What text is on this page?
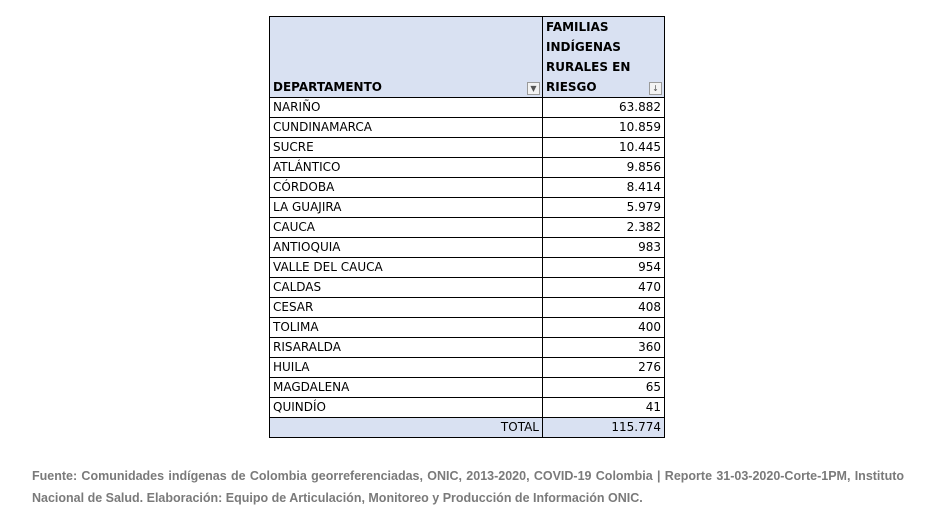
DEPARTAMENTO ▼	FAMILIAS INDÍGENAS RURALES EN RIESGO ↓

NARIÑO	63.882
CUNDINAMARCA	10.859
SUCRE	10.445
ATLÁNTICO	9.856
CÓRDOBA	8.414
LA GUAJIRA	5.979
CAUCA	2.382
ANTIOQUIA	983
VALLE DEL CAUCA	954
CALDAS	470
CESAR	408
TOLIMA	400
RISARALDA	360
HUILA	276
MAGDALENA	65
QUINDÍO	41
TOTAL	115.774
Fuente: Comunidades indígenas de Colombia georreferenciadas, ONIC, 2013-2020, COVID-19 Colombia | Reporte 31-03-2020-Corte-1PM, Instituto Nacional de Salud. Elaboración: Equipo de Articulación, Monitoreo y Producción de Información ONIC.
